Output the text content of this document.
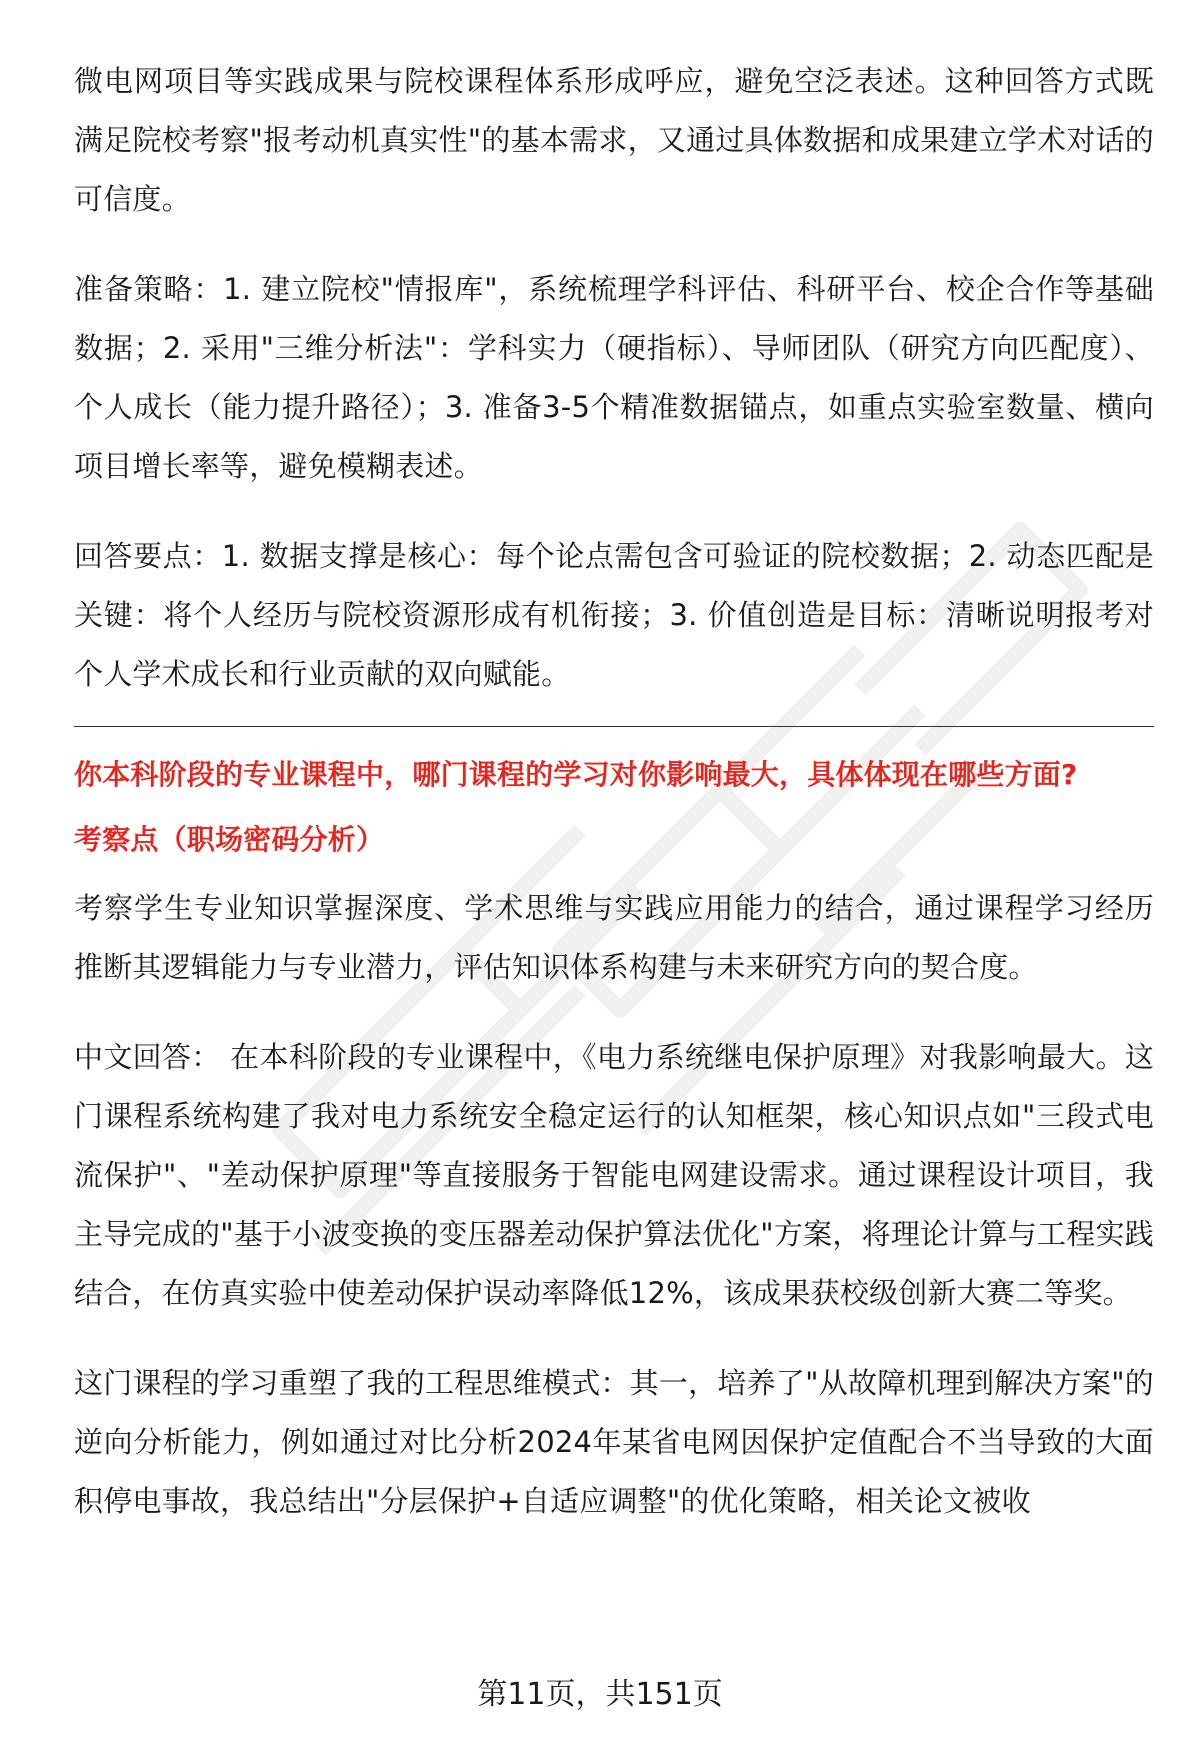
微电网项目等实践成果与院校课程体系形成呼应，避免空泛表述。这种回答方式既满足院校考察"报考动机真实性"的基本需求，又通过具体数据和成果建立学术对话的可信度。

准备策略：1. 建立院校"情报库"，系统梳理学科评估、科研平台、校企合作等基础数据；2. 采用"三维分析法"：学科实力（硬指标）、导师团队（研究方向匹配度）、个人成长（能力提升路径）；3. 准备3-5个精准数据锚点，如重点实验室数量、横向项目增长率等，避免模糊表述。

回答要点：1. 数据支撑是核心：每个论点需包含可验证的院校数据；2. 动态匹配是关键：将个人经历与院校资源形成有机衔接；3. 价值创造是目标：清晰说明报考对个人学术成长和行业贡献的双向赋能。

你本科阶段的专业课程中，哪门课程的学习对你影响最大，具体体现在哪些方面?

考察点（职场密码分析）

考察学生专业知识掌握深度、学术思维与实践应用能力的结合，通过课程学习经历推断其逻辑能力与专业潜力，评估知识体系构建与未来研究方向的契合度。

中文回答： 在本科阶段的专业课程中，《电力系统继电保护原理》对我影响最大。这门课程系统构建了我对电力系统安全稳定运行的认知框架，核心知识点如"三段式电流保护"、"差动保护原理"等直接服务于智能电网建设需求。通过课程设计项目，我主导完成的"基于小波变换的变压器差动保护算法优化"方案，将理论计算与工程实践结合，在仿真实验中使差动保护误动率降低12%，该成果获校级创新大赛二等奖。

这门课程的学习重塑了我的工程思维模式：其一，培养了"从故障机理到解决方案"的逆向分析能力，例如通过对比分析2024年某省电网因保护定值配合不当导致的大面积停电事故，我总结出"分层保护+自适应调整"的优化策略，相关论文被收

第11页，共151页
